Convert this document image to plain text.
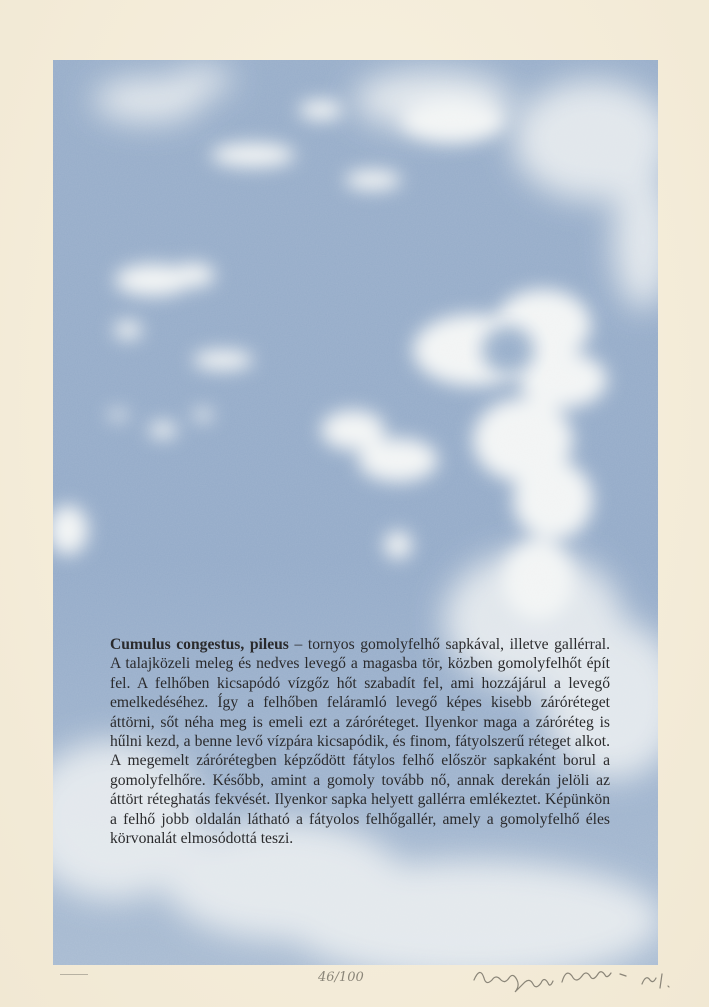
Cumulus congestus, pileus – tornyos gomolyfelhő sapkával, illetve gallérral. A talajközeli meleg és nedves levegő a magasba tör, közben gomolyfelhőt épít fel. A felhőben kicsapódó vízgőz hőt szabadít fel, ami hozzájárul a levegő emelkedéséhez. Így a felhőben feláramló levegő képes kisebb záróréteget áttörni, sőt néha meg is emeli ezt a záróréteget. Ilyenkor maga a záróréteg is hűlni kezd, a benne levő vízpára kicsapódik, és finom, fátyolszerű réteget alkot. A megemelt zárórétegben képződött fátylos felhő először sapkaként borul a gomolyfelhőre. Később, amint a gomoly tovább nő, annak derekán jelöli az áttört réteghatás fekvését. Ilyenkor sapka helyett gallérra emlékeztet. Képünkön a felhő jobb oldalán látható a fátyolos felhőgallér, amely a gomolyfelhő éles körvonalát elmosódottá teszi.

46/100
